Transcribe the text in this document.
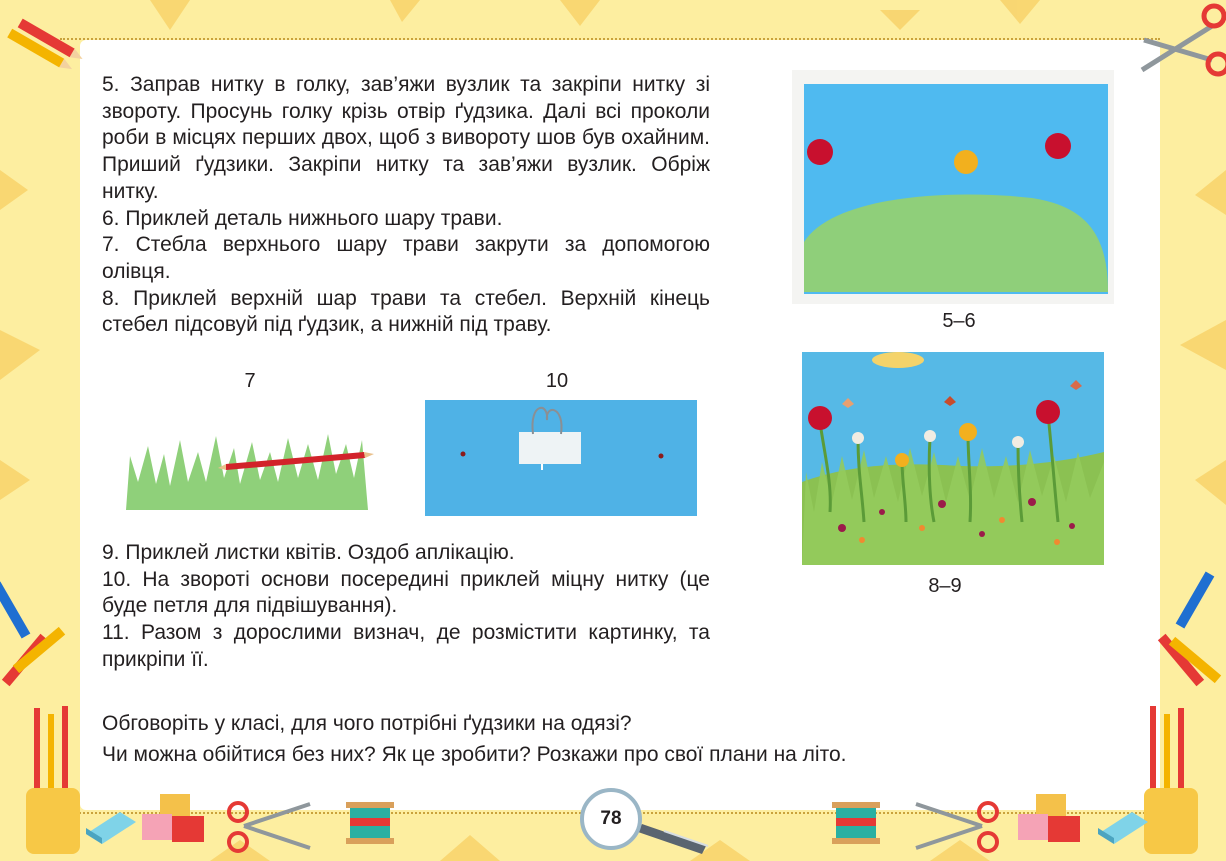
5. Заправ нитку в голку, зав’яжи вузлик та закріпи нитку зі звороту. Просунь голку крізь отвір ґудзика. Далі всі проколи роби в місцях перших двох, щоб з вивороту шов був охайним. Приший ґудзики. Закріпи нитку та зав’яжи вузлик. Обріж нитку.

6. Приклей деталь нижнього шару трави.

7. Стебла верхнього шару трави закрути за допомогою олівця.

8. Приклей верхній шар трави та стебел. Верхній кінець стебел підсовуй під ґудзик, а нижній під траву.

7	10

9. Приклей листки квітів. Оздоб аплікацію.

10. На звороті основи посередині приклей міцну нитку (це буде петля для підвішування).

11. Разом з дорослими визнач, де розмістити картинку, та прикріпи її.

5–6
8–9

Обговоріть у класі, для чого потрібні ґудзики на одязі?

Чи можна обійтися без них? Як це зробити? Розкажи про свої плани на літо.

78
